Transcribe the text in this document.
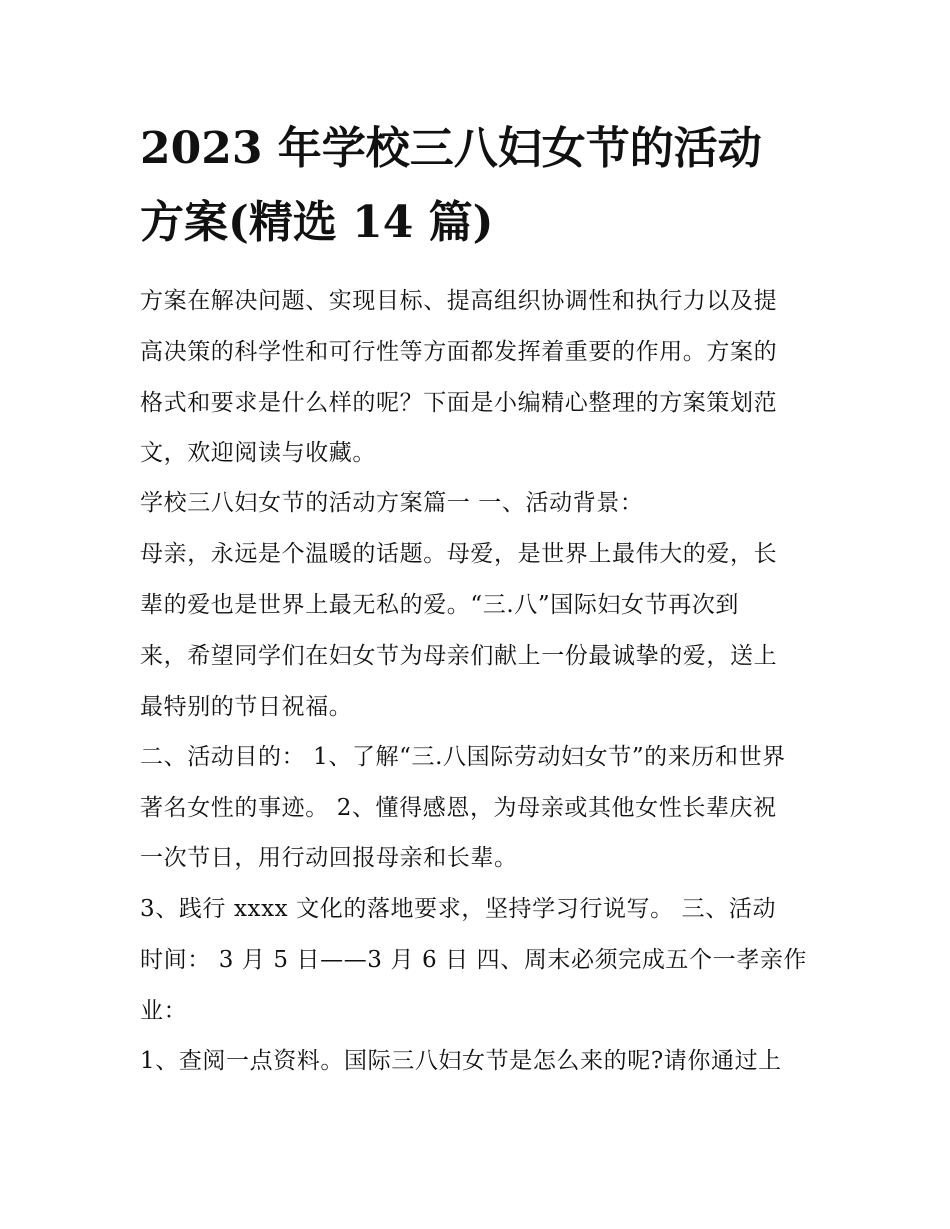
2023 年学校三八妇女节的活动
方案(精选 14 篇)
方案在解决问题、实现目标、提高组织协调性和执行力以及提
高决策的科学性和可行性等方面都发挥着重要的作用。方案的
格式和要求是什么样的呢？下面是小编精心整理的方案策划范
文，欢迎阅读与收藏。
学校三八妇女节的活动方案篇一 一、活动背景：
母亲，永远是个温暖的话题。母爱，是世界上最伟大的爱，长
辈的爱也是世界上最无私的爱。“三.八”国际妇女节再次到
来，希望同学们在妇女节为母亲们献上一份最诚挚的爱，送上
最特别的节日祝福。
二、活动目的： 1、了解“三.八国际劳动妇女节”的来历和世界
著名女性的事迹。 2、懂得感恩，为母亲或其他女性长辈庆祝
一次节日，用行动回报母亲和长辈。
3、践行 xxxx 文化的落地要求，坚持学习行说写。 三、活动
时间： 3 月 5 日——3 月 6 日 四、周末必须完成五个一孝亲作
业：
1、查阅一点资料。国际三八妇女节是怎么来的呢?请你通过上
